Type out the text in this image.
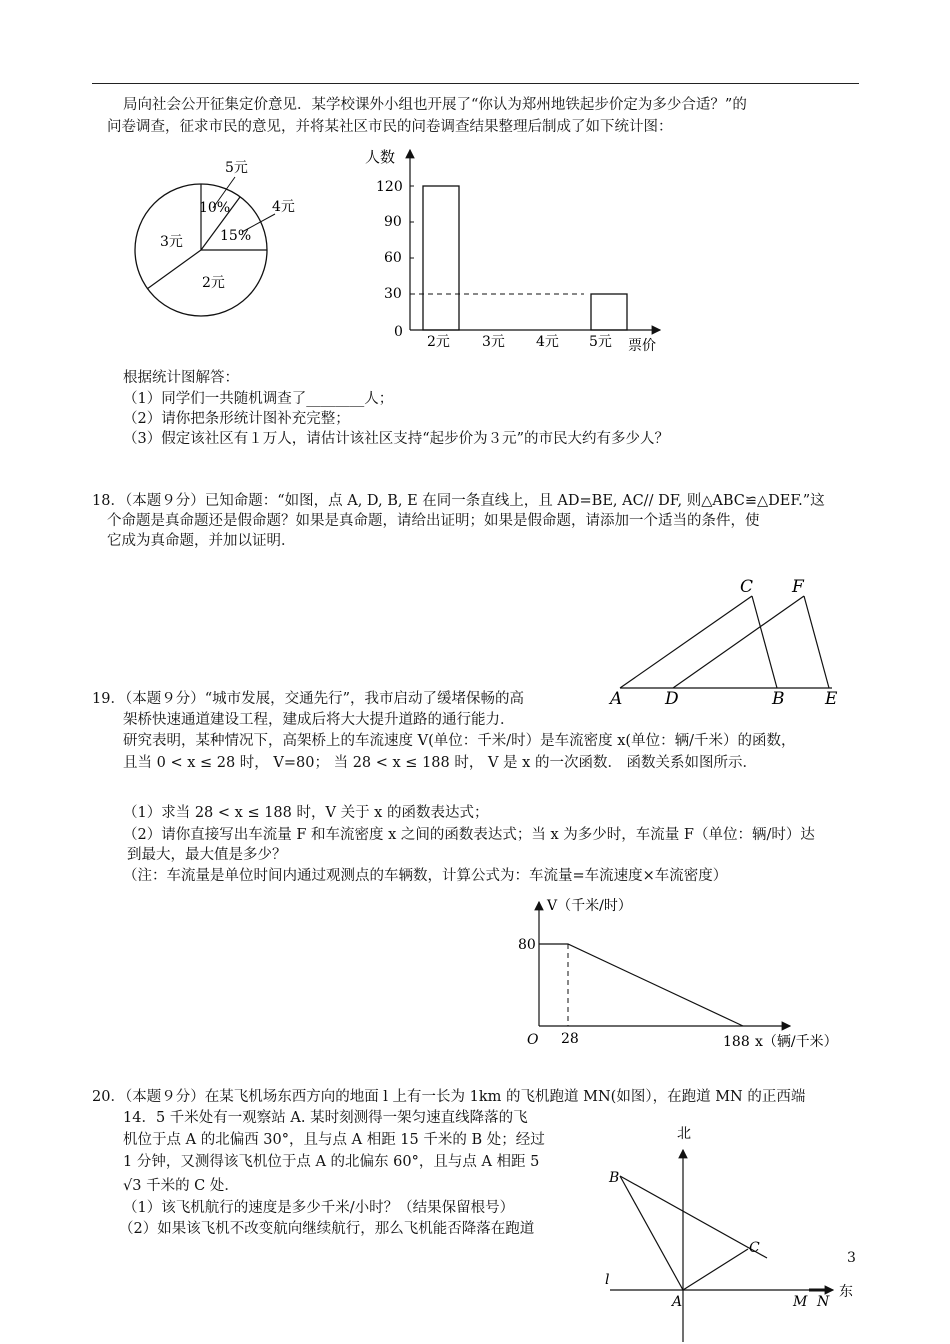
局向社会公开征集定价意见．某学校课外小组也开展了“你认为郑州地铁起步价定为多少合适？”的
问卷调查，征求市民的意见，并将某社区市民的问卷调查结果整理后制成了如下统计图：
5元
10%	4元
15%
3元
2元
人数
票价
120
90
60
30
0
2元 3元 4元 5元
根据统计图解答：
（1）同学们一共随机调查了________人；
（2）请你把条形统计图补充完整；
（3）假定该社区有１万人，请估计该社区支持“起步价为３元”的市民大约有多少人？
18．（本题９分）已知命题：“如图，点 A, D, B, E 在同一条直线上，且 AD=BE, AC// DF, 则△ABC≌△DEF.”这
个命题是真命题还是假命题？如果是真命题，请给出证明；如果是假命题，请添加一个适当的条件，使
它成为真命题，并加以证明．
A	D	B E
C F
19．（本题９分）“城市发展，交通先行”，我市启动了缓堵保畅的高
架桥快速通道建设工程，建成后将大大提升道路的通行能力．
研究表明，某种情况下，高架桥上的车流速度 V(单位：千米/时）是车流密度 x(单位：辆/千米）的函数，
且当 0 < x ≤ 28 时， V=80； 当 28 < x ≤ 188 时， V 是 x 的一次函数． 函数关系如图所示．
（1）求当 28 < x ≤ 188 时，V 关于 x 的函数表达式；
（2）请你直接写出车流量 F 和车流密度 x 之间的函数表达式；当 x 为多少时，车流量 F（单位：辆/时）达
到最大，最大值是多少？
（注：车流量是单位时间内通过观测点的车辆数，计算公式为：车流量=车流速度×车流密度）
V（千米/时）
80
O 28	188 x（辆/千米）
20．（本题９分）在某飞机场东西方向的地面 l 上有一长为 1km 的飞机跑道 MN(如图），在跑道 MN 的正西端
14．5 千米处有一观察站 A. 某时刻测得一架匀速直线降落的飞
机位于点 A 的北偏西 30°，且与点 A 相距 15 千米的 B 处；经过
1 分钟，又测得该飞机位于点 A 的北偏东 60°，且与点 A 相距 5
√3 千米的 C 处．
（1）该飞机航行的速度是多少千米/小时？（结果保留根号）
（2）如果该飞机不改变航向继续航行，那么飞机能否降落在跑道
北
东
B
C
l
A	M N
3
